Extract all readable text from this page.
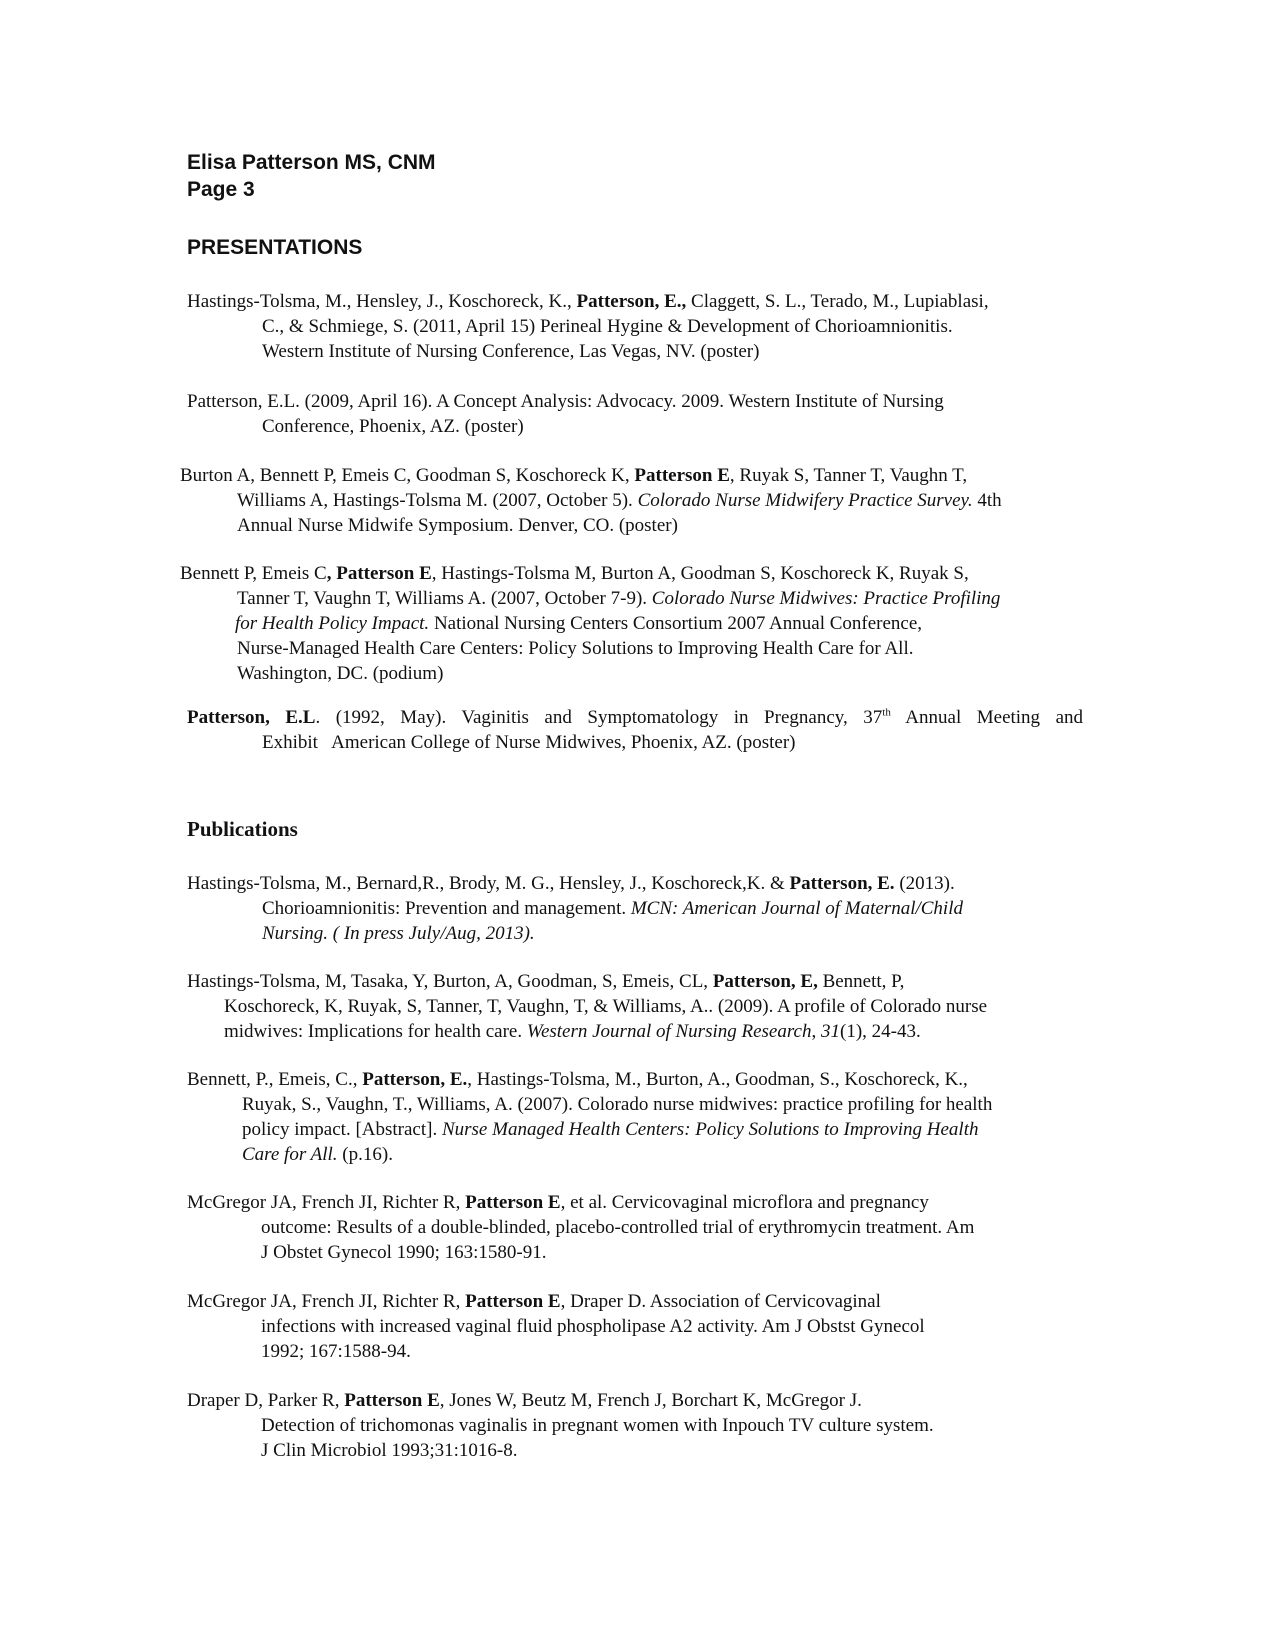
Elisa Patterson MS, CNM
Page 3
PRESENTATIONS
Hastings-Tolsma, M., Hensley, J., Koschoreck, K., Patterson, E., Claggett, S. L., Terado, M., Lupiablasi,
C., & Schmiege, S. (2011, April 15) Perineal Hygine & Development of Chorioamnionitis.
Western Institute of Nursing Conference, Las Vegas, NV. (poster)
Patterson, E.L. (2009, April 16). A Concept Analysis: Advocacy. 2009. Western Institute of Nursing
Conference, Phoenix, AZ. (poster)
Burton A, Bennett P, Emeis C, Goodman S, Koschoreck K, Patterson E, Ruyak S, Tanner T, Vaughn T,
Williams A, Hastings-Tolsma M. (2007, October 5). Colorado Nurse Midwifery Practice Survey. 4th
Annual Nurse Midwife Symposium. Denver, CO. (poster)
Bennett P, Emeis C, Patterson E, Hastings-Tolsma M, Burton A, Goodman S, Koschoreck K, Ruyak S,
Tanner T, Vaughn T, Williams A. (2007, October 7-9). Colorado Nurse Midwives: Practice Profiling
for Health Policy Impact. National Nursing Centers Consortium 2007 Annual Conference,
Nurse-Managed Health Care Centers: Policy Solutions to Improving Health Care for All.
Washington, DC. (podium)
Patterson, E.L. (1992, May). Vaginitis and Symptomatology in Pregnancy, 37th Annual Meeting and
Exhibit   American College of Nurse Midwives, Phoenix, AZ. (poster)
Publications
Hastings-Tolsma, M., Bernard,R., Brody, M. G., Hensley, J., Koschoreck,K. & Patterson, E. (2013).
Chorioamnionitis: Prevention and management. MCN: American Journal of Maternal/Child
Nursing. ( In press July/Aug, 2013).
Hastings-Tolsma, M, Tasaka, Y, Burton, A, Goodman, S, Emeis, CL, Patterson, E, Bennett, P,
Koschoreck, K, Ruyak, S, Tanner, T, Vaughn, T, & Williams, A.. (2009). A profile of Colorado nurse
midwives: Implications for health care. Western Journal of Nursing Research, 31(1), 24-43.
Bennett, P., Emeis, C., Patterson, E., Hastings-Tolsma, M., Burton, A., Goodman, S., Koschoreck, K.,
Ruyak, S., Vaughn, T., Williams, A. (2007). Colorado nurse midwives: practice profiling for health
policy impact. [Abstract]. Nurse Managed Health Centers: Policy Solutions to Improving Health
Care for All. (p.16).
McGregor JA, French JI, Richter R, Patterson E, et al. Cervicovaginal microflora and pregnancy
outcome: Results of a double-blinded, placebo-controlled trial of erythromycin treatment. Am
J Obstet Gynecol 1990; 163:1580-91.
McGregor JA, French JI, Richter R, Patterson E, Draper D. Association of Cervicovaginal
infections with increased vaginal fluid phospholipase A2 activity. Am J Obstst Gynecol
1992; 167:1588-94.
Draper D, Parker R, Patterson E, Jones W, Beutz M, French J, Borchart K, McGregor J.
Detection of trichomonas vaginalis in pregnant women with Inpouch TV culture system.
J Clin Microbiol 1993;31:1016-8.
